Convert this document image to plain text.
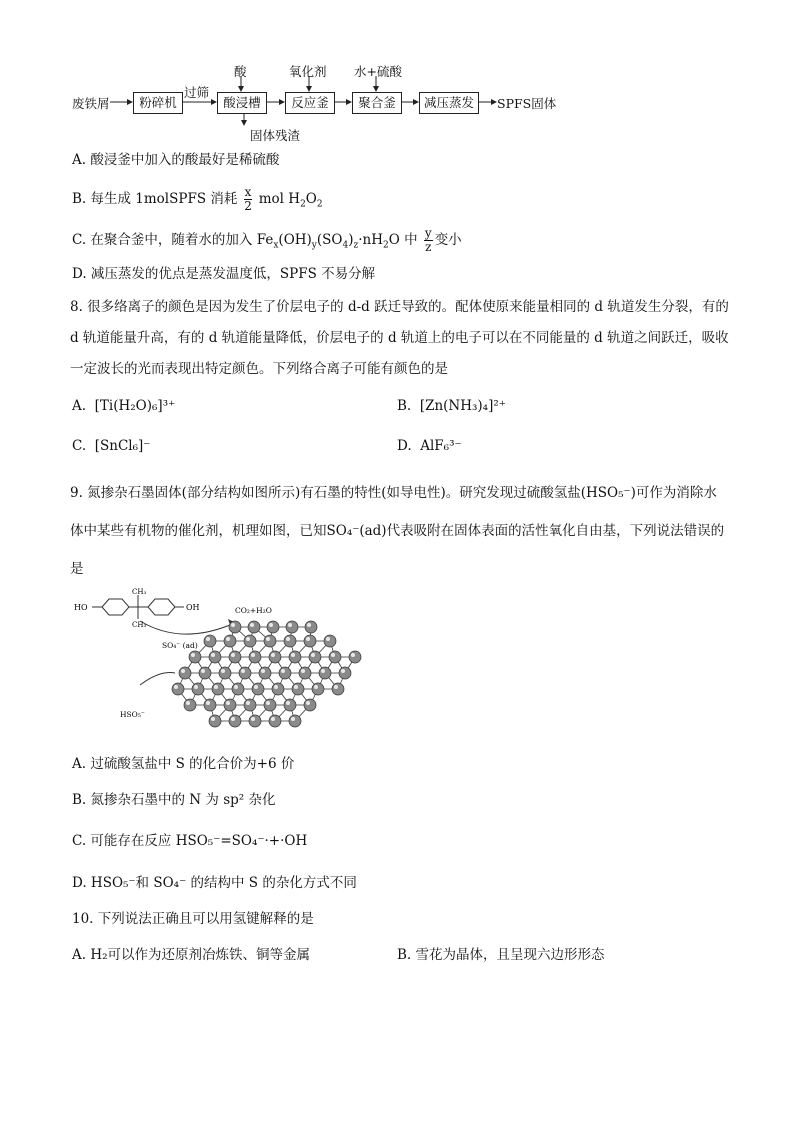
废铁屑	粉碎机
过筛
酸浸槽
酸
固体残渣
反应釜
氧化剂
聚合釜
水+硫酸
减压蒸发	SPFS固体
A. 酸浸釜中加入的酸最好是稀硫酸
B. 每生成 1molSPFS 消耗 $\frac{x}{2}$ mol $H_2O_2$
C. 在聚合釜中，随着水的加入 $Fe_x(OH)_y(SO_4)_z\cdot nH_2O$ 中 $\frac{y}{z}$ 变小
D. 减压蒸发的优点是蒸发温度低，SPFS 不易分解
8. 很多络离子的颜色是因为发生了价层电子的 d-d 跃迁导致的。配体使原来能量相同的 d 轨道发生分裂，有的 d 轨道能量升高，有的 d 轨道能量降低，价层电子的 d 轨道上的电子可以在不同能量的 d 轨道之间跃迁，吸收一定波长的光而表现出特定颜色。下列络合离子可能有颜色的是
A. [Ti(H₂O)₆]³⁺	B. [Zn(NH₃)₄]²⁺
C. [SnCl₆]⁻	D. AlF₆³⁻
9. 氮掺杂石墨固体(部分结构如图所示)有石墨的特性(如导电性)。研究发现过硫酸氢盐(HSO₅⁻)可作为消除水体中某些有机物的催化剂，机理如图，已知SO₄⁻(ad)代表吸附在固体表面的活性氧化自由基，下列说法错误的是
HO	OH
CH₃
CH₃
CO₂+H₂O
SO₄⁻ (ad)
HSO₅⁻
A. 过硫酸氢盐中 S 的化合价为+6 价
B. 氮掺杂石墨中的 N 为 sp² 杂化
C. 可能存在反应 HSO₅⁻=SO₄⁻·+·OH
D. HSO₅⁻和 SO₄⁻ 的结构中 S 的杂化方式不同
10. 下列说法正确且可以用氢键解释的是
A. H₂可以作为还原剂冶炼铁、铜等金属	B. 雪花为晶体，且呈现六边形形态
